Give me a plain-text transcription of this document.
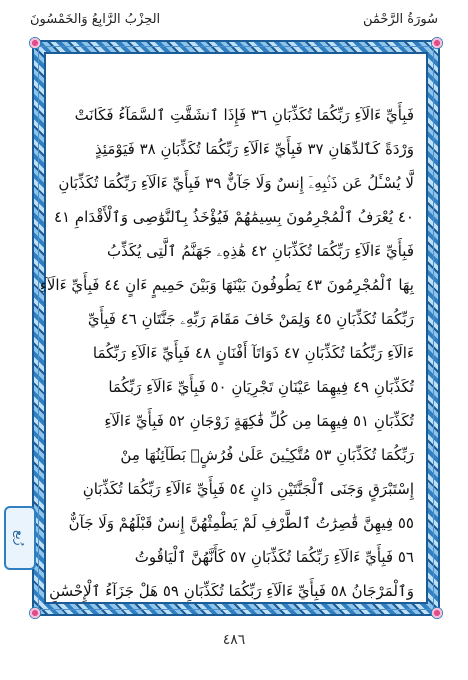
سُورَةُ الرَّحْمَٰن
الحِزْبُ الرَّابِعُ وَالخَمْسُونَ
فَبِأَيِّ ءَالَآءِ رَبِّكُمَا تُكَذِّبَانِ ٣٦ فَإِذَا ٱنشَقَّتِ ٱلسَّمَآءُ فَكَانَتْ
وَرْدَةً كَٱلدِّهَانِ ٣٧ فَبِأَيِّ ءَالَآءِ رَبِّكُمَا تُكَذِّبَانِ ٣٨ فَيَوْمَئِذٍ
لَّا يُسْـَٔلُ عَن ذَنۢبِهِۦٓ إِنسٌ وَلَا جَآنٌّ ٣٩ فَبِأَيِّ ءَالَآءِ رَبِّكُمَا تُكَذِّبَانِ
٤٠ يُعْرَفُ ٱلْمُجْرِمُونَ بِسِيمَٰهُمْ فَيُؤْخَذُ بِٱلنَّوَٰصِى وَٱلْأَقْدَامِ ٤١
فَبِأَيِّ ءَالَآءِ رَبِّكُمَا تُكَذِّبَانِ ٤٢ هَٰذِهِۦ جَهَنَّمُ ٱلَّتِى يُكَذِّبُ
بِهَا ٱلْمُجْرِمُونَ ٤٣ يَطُوفُونَ بَيْنَهَا وَبَيْنَ حَمِيمٍ ءَانٍ ٤٤ فَبِأَيِّ ءَالَآءِ
رَبِّكُمَا تُكَذِّبَانِ ٤٥ وَلِمَنْ خَافَ مَقَامَ رَبِّهِۦ جَنَّتَانِ ٤٦ فَبِأَيِّ
ءَالَآءِ رَبِّكُمَا تُكَذِّبَانِ ٤٧ ذَوَاتَآ أَفْنَانٍ ٤٨ فَبِأَيِّ ءَالَآءِ رَبِّكُمَا
تُكَذِّبَانِ ٤٩ فِيهِمَا عَيْنَانِ تَجْرِيَانِ ٥٠ فَبِأَيِّ ءَالَآءِ رَبِّكُمَا
تُكَذِّبَانِ ٥١ فِيهِمَا مِن كُلِّ فَٰكِهَةٍ زَوْجَانِ ٥٢ فَبِأَيِّ ءَالَآءِ
رَبِّكُمَا تُكَذِّبَانِ ٥٣ مُتَّكِـِٔينَ عَلَىٰ فُرُشٍۭ بَطَآئِنُهَا مِنْ
إِسْتَبْرَقٍ وَجَنَى ٱلْجَنَّتَيْنِ دَانٍ ٥٤ فَبِأَيِّ ءَالَآءِ رَبِّكُمَا تُكَذِّبَانِ
٥٥ فِيهِنَّ قَٰصِرَٰتُ ٱلطَّرْفِ لَمْ يَطْمِثْهُنَّ إِنسٌ قَبْلَهُمْ وَلَا جَآنٌّ
٥٦ فَبِأَيِّ ءَالَآءِ رَبِّكُمَا تُكَذِّبَانِ ٥٧ كَأَنَّهُنَّ ٱلْيَاقُوتُ
وَٱلْمَرْجَانُ ٥٨ فَبِأَيِّ ءَالَآءِ رَبِّكُمَا تُكَذِّبَانِ ٥٩ هَلْ جَزَآءُ ٱلْإِحْسَٰنِ
رُبع
٤٨٦
